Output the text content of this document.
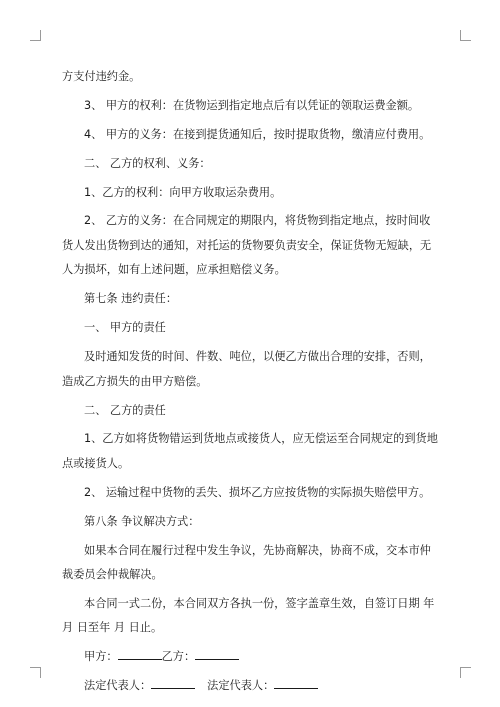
方支付违约金。

3、 甲方的权利：在货物运到指定地点后有以凭证的领取运费金额。

4、 甲方的义务：在接到提货通知后，按时提取货物，缴清应付费用。

二、 乙方的权利、义务：

1、乙方的权利：向甲方收取运杂费用。

2、 乙方的义务：在合同规定的期限内，将货物到指定地点，按时间收货人发出货物到达的通知，对托运的货物要负责安全，保证货物无短缺，无人为损坏，如有上述问题，应承担赔偿义务。

第七条 违约责任：

一、 甲方的责任

及时通知发货的时间、件数、吨位，以便乙方做出合理的安排，否则，造成乙方损失的由甲方赔偿。

二、 乙方的责任

1、乙方如将货物错运到货地点或接货人，应无偿运至合同规定的到货地点或接货人。

2、 运输过程中货物的丢失、损坏乙方应按货物的实际损失赔偿甲方。

第八条 争议解决方式：

如果本合同在履行过程中发生争议，先协商解决，协商不成，交本市仲裁委员会仲裁解决。

本合同一式二份，本合同双方各执一份，签字盖章生效，自签订日期 年 月 日至年 月 日止。

甲方：	乙方：

法定代表人：	法定代表人：
